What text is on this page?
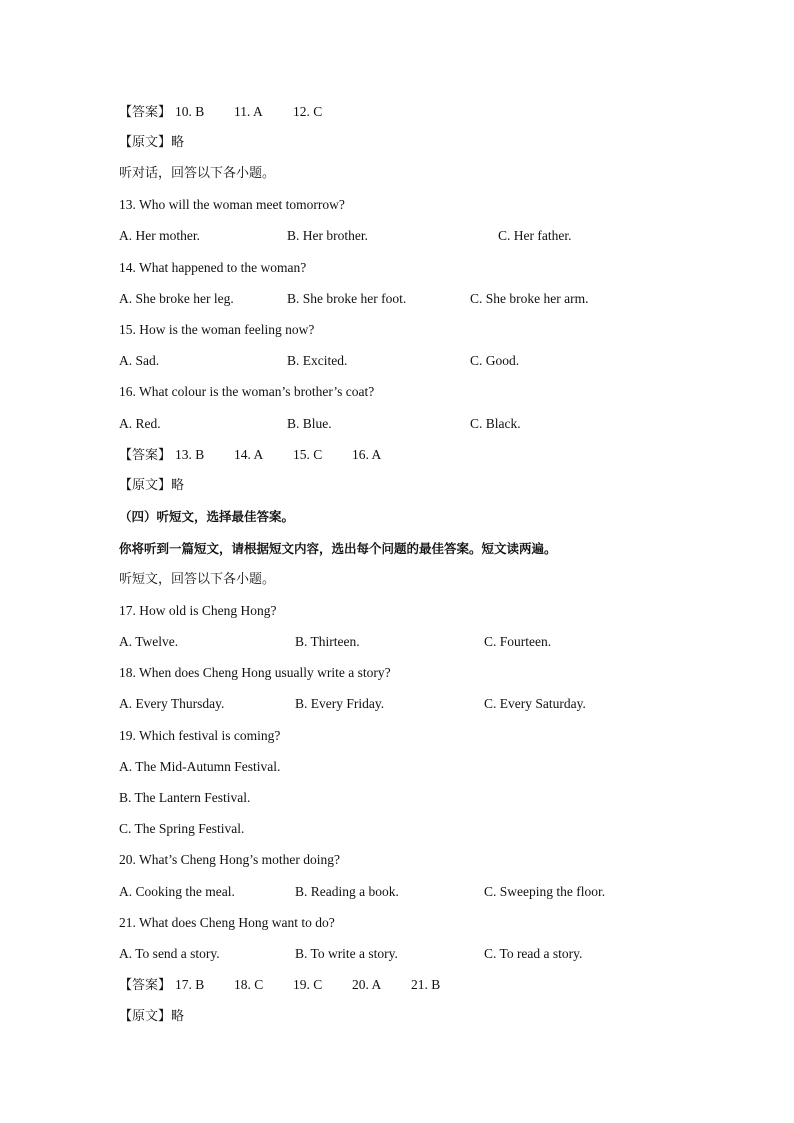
【答案】 10. B 11. A 12. C
【原文】略
听对话，回答以下各小题。
13. Who will the woman meet tomorrow?
A. Her mother.	B. Her brother.	C. Her father.
14. What happened to the woman?
A. She broke her leg.	B. She broke her foot.	C. She broke her arm.
15. How is the woman feeling now?
A. Sad.	B. Excited.	C. Good.
16. What colour is the woman’s brother’s coat?
A. Red.	B. Blue.	C. Black.
【答案】 13. B 14. A 15. C 16. A
【原文】略
（四）听短文，选择最佳答案。
你将听到一篇短文，请根据短文内容，选出每个问题的最佳答案。短文读两遍。
听短文，回答以下各小题。
17. How old is Cheng Hong?
A. Twelve.	B. Thirteen.	C. Fourteen.
18. When does Cheng Hong usually write a story?
A. Every Thursday.	B. Every Friday.	C. Every Saturday.
19. Which festival is coming?
A. The Mid-Autumn Festival.
B. The Lantern Festival.
C. The Spring Festival.
20. What’s Cheng Hong’s mother doing?
A. Cooking the meal.	B. Reading a book.	C. Sweeping the floor.
21. What does Cheng Hong want to do?
A. To send a story.	B. To write a story.	C. To read a story.
【答案】 17. B 18. C 19. C 20. A 21. B
【原文】略
